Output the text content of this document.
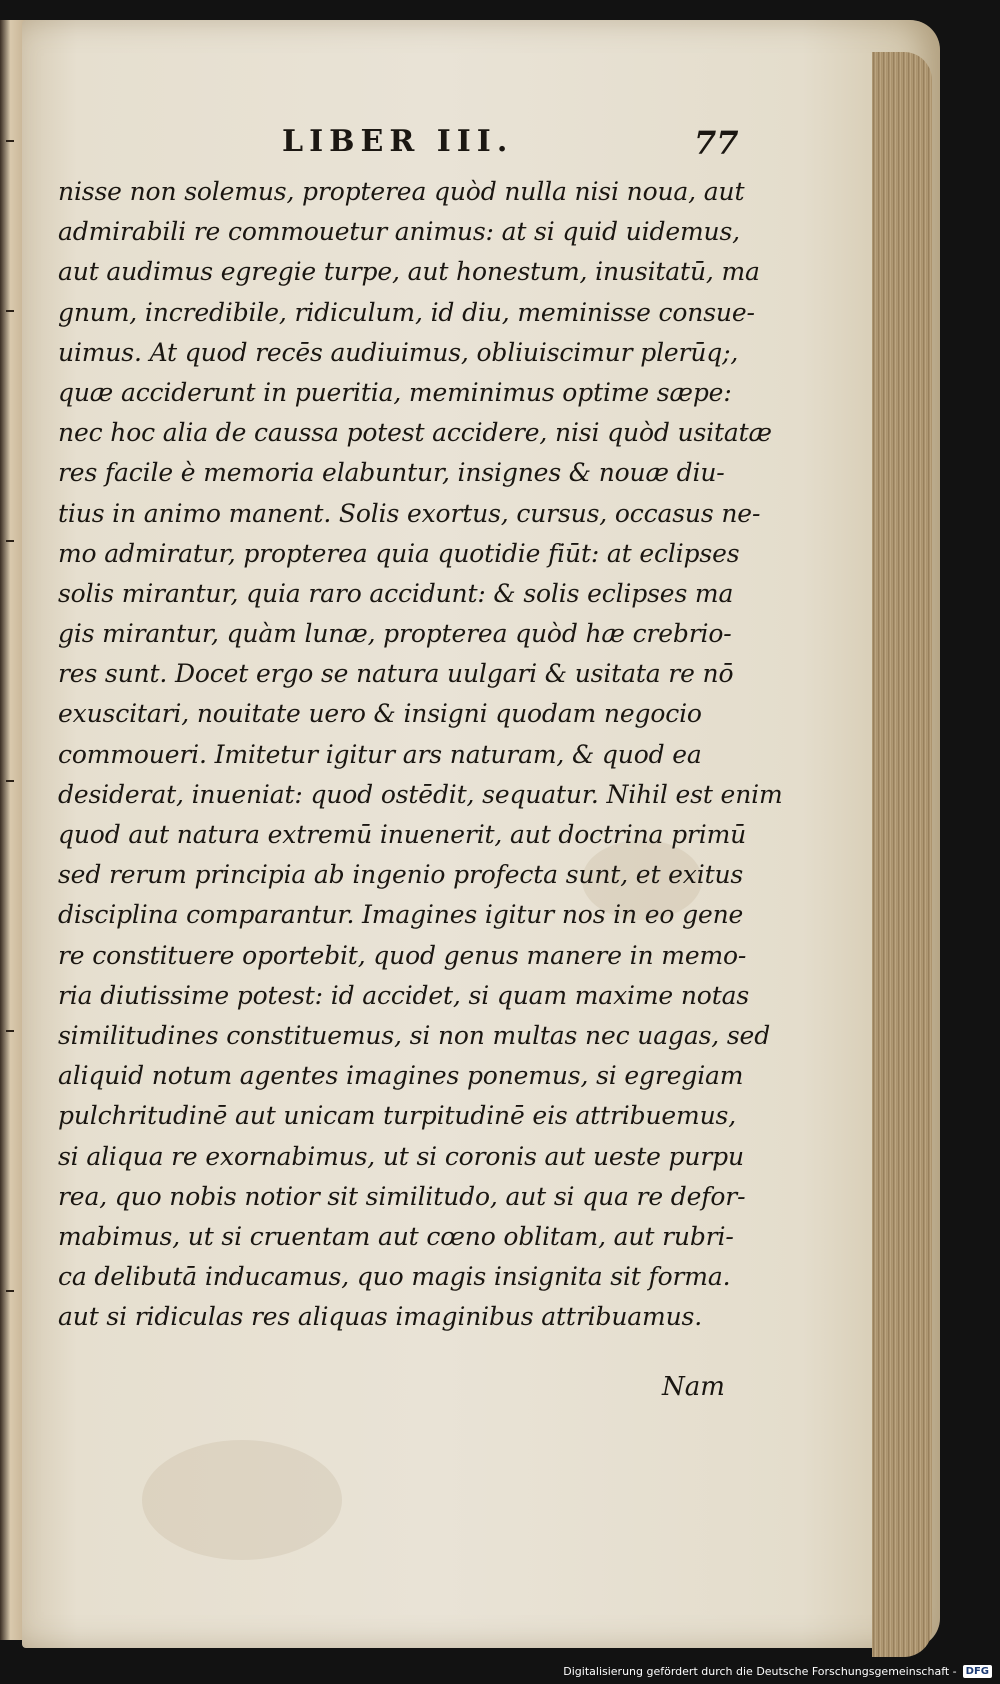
LIBER III.	77
nisse non solemus, propterea quòd nulla nisi noua, aut
admirabili re commouetur animus: at si quid uidemus,
aut audimus egregie turpe, aut honestum, inusitatū, ma
gnum, incredibile, ridiculum, id diu, meminisse consue-
uimus. At quod recēs audiuimus, obliuiscimur plerūq;,
quæ acciderunt in pueritia, meminimus optime sæpe:
nec hoc alia de caussa potest accidere, nisi quòd usitatæ
res facile è memoria elabuntur, insignes & nouæ diu-
tius in animo manent. Solis exortus, cursus, occasus ne-
mo admiratur, propterea quia quotidie fiūt: at eclipses
solis mirantur, quia raro accidunt: & solis eclipses ma
gis mirantur, quàm lunæ, propterea quòd hæ crebrio-
res sunt. Docet ergo se natura uulgari & usitata re nō
exuscitari, nouitate uero & insigni quodam negocio
commoueri. Imitetur igitur ars naturam, & quod ea
desiderat, inueniat: quod ostēdit, sequatur. Nihil est enim
quod aut natura extremū inuenerit, aut doctrina primū
sed rerum principia ab ingenio profecta sunt, et exitus
disciplina comparantur. Imagines igitur nos in eo gene
re constituere oportebit, quod genus manere in memo-
ria diutissime potest: id accidet, si quam maxime notas
similitudines constituemus, si non multas nec uagas, sed
aliquid notum agentes imagines ponemus, si egregiam
pulchritudinē aut unicam turpitudinē eis attribuemus,
si aliqua re exornabimus, ut si coronis aut ueste purpu
rea, quo nobis notior sit similitudo, aut si qua re defor-
mabimus, ut si cruentam aut cœno oblitam, aut rubri-
ca delibutā inducamus, quo magis insignita sit forma.
aut si ridiculas res aliquas imaginibus attribuamus.
Nam
Digitalisierung gefördert durch die Deutsche Forschungsgemeinschaft - DFG
